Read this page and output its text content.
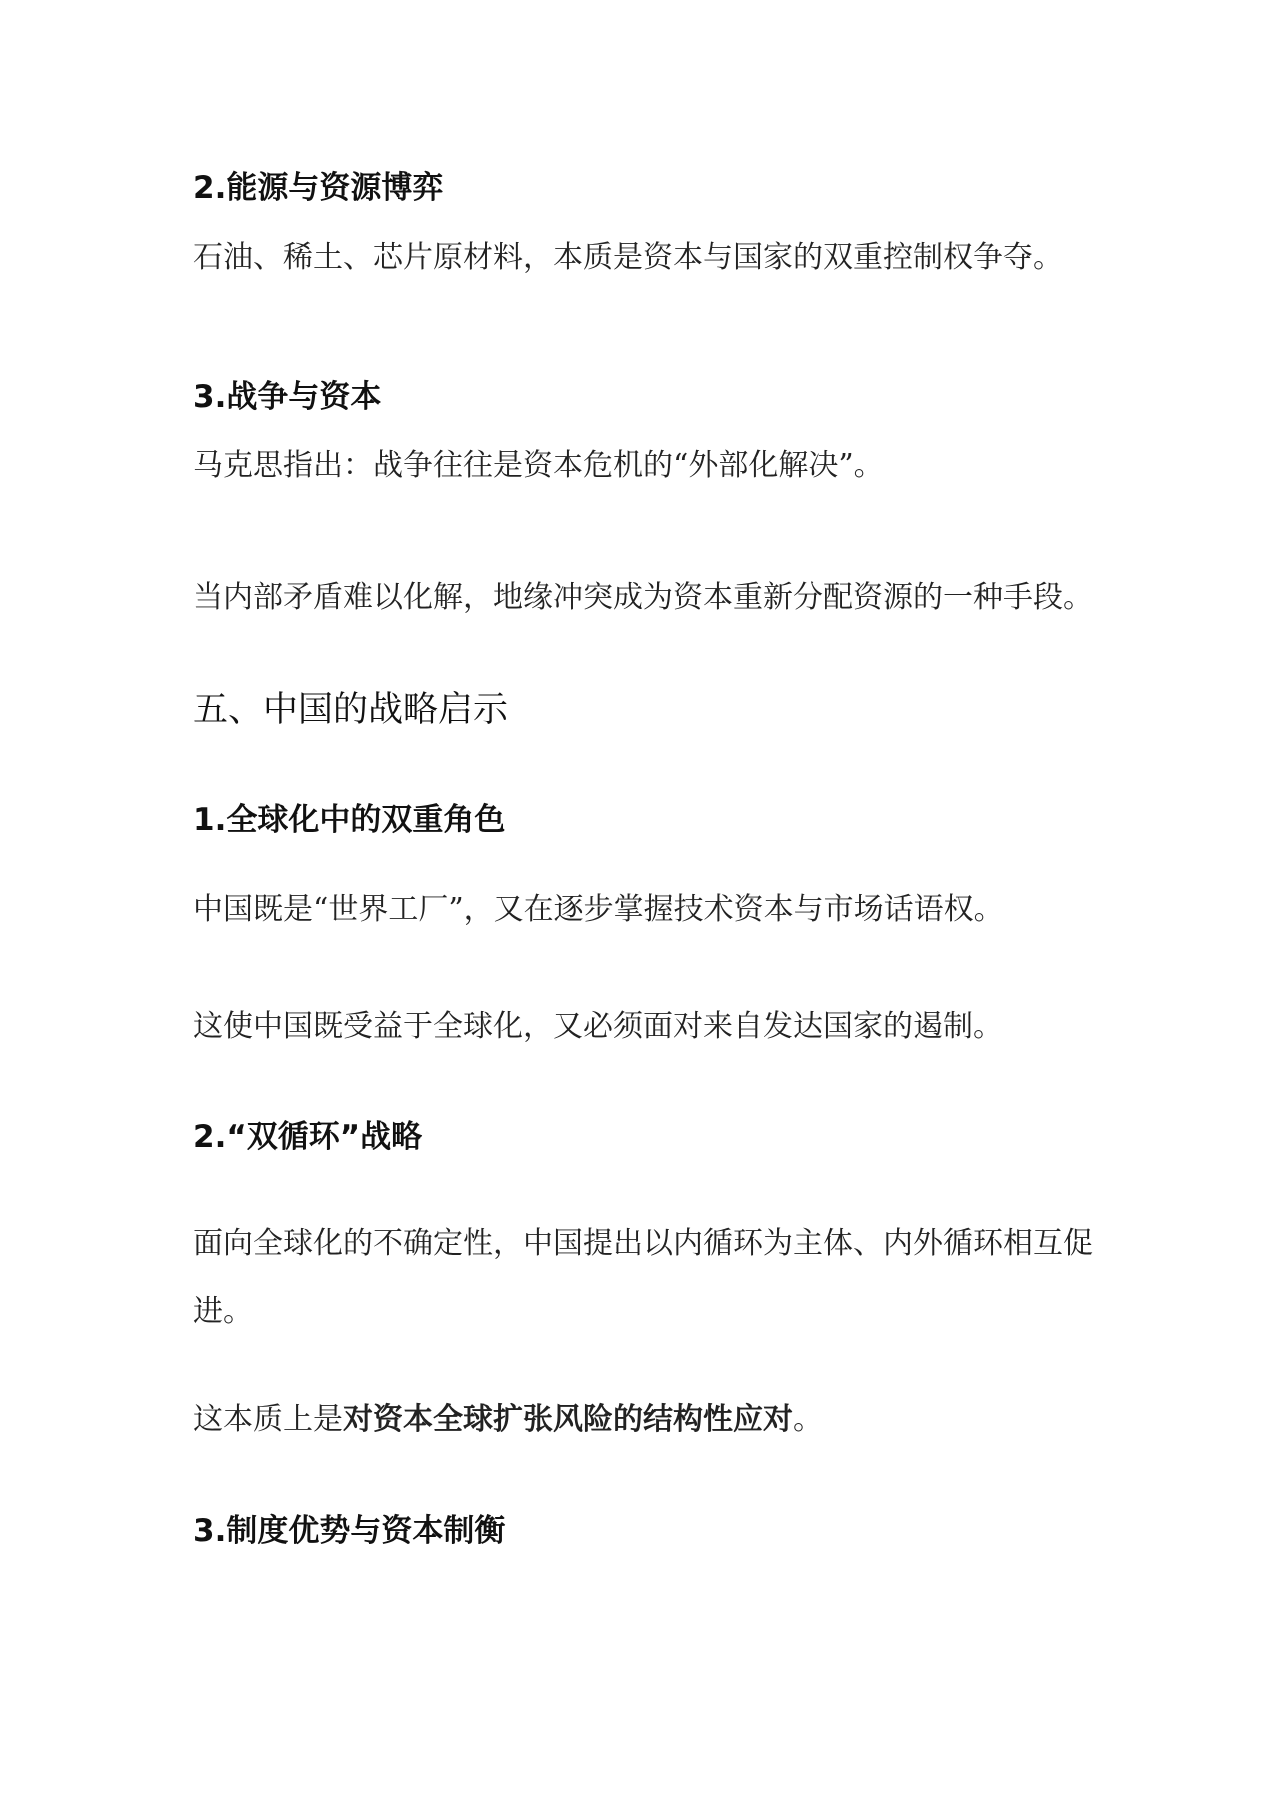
2.能源与资源博弈
石油、稀土、芯片原材料，本质是资本与国家的双重控制权争夺。
3.战争与资本
马克思指出：战争往往是资本危机的“外部化解决”。
当内部矛盾难以化解，地缘冲突成为资本重新分配资源的一种手段。
五、中国的战略启示
1.全球化中的双重角色
中国既是“世界工厂”，又在逐步掌握技术资本与市场话语权。
这使中国既受益于全球化，又必须面对来自发达国家的遏制。
2.“双循环”战略
面向全球化的不确定性，中国提出以内循环为主体、内外循环相互促
进。
这本质上是对资本全球扩张风险的结构性应对。
3.制度优势与资本制衡
